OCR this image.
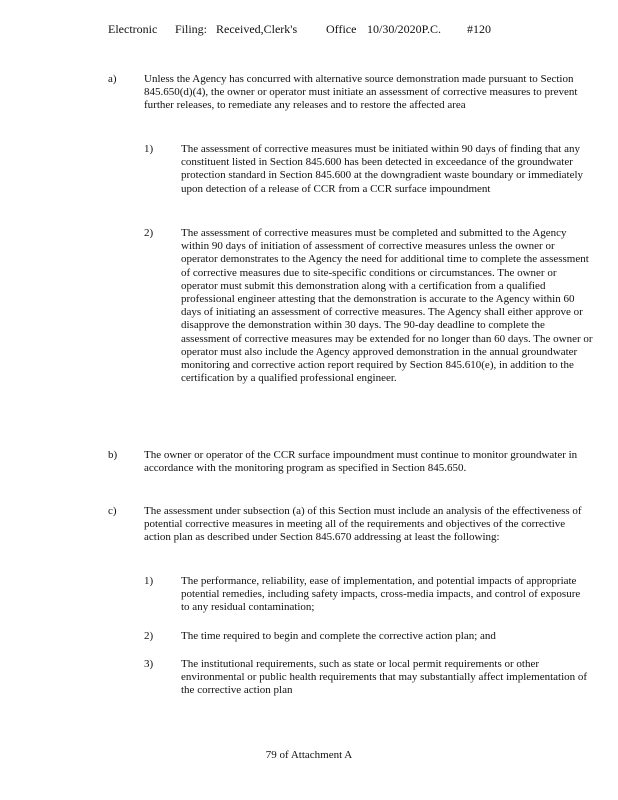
Electronic Filing: Received,Clerk's Office 10/30/2020P.C. #120
a) Unless the Agency has concurred with alternative source demonstration made pursuant to Section 845.650(d)(4), the owner or operator must initiate an assessment of corrective measures to prevent further releases, to remediate any releases and to restore the affected area

1)	The assessment of corrective measures must be initiated within 90 days of finding that any constituent listed in Section 845.600 has been detected in exceedance of the groundwater protection standard in Section 845.600 at the downgradient waste boundary or immediately upon detection of a release of CCR from a CCR surface impoundment

2)	The assessment of corrective measures must be completed and submitted to the Agency within 90 days of initiation of assessment of corrective measures unless the owner or operator demonstrates to the Agency the need for additional time to complete the assessment of corrective measures due to site-specific conditions or circumstances. The owner or operator must submit this demonstration along with a certification from a qualified professional engineer attesting that the demonstration is accurate to the Agency within 60 days of initiating an assessment of corrective measures. The Agency shall either approve or disapprove the demonstration within 30 days. The 90-day deadline to complete the assessment of corrective measures may be extended for no longer than 60 days. The owner or operator must also include the Agency approved demonstration in the annual groundwater monitoring and corrective action report required by Section 845.610(e), in addition to the certification by a qualified professional engineer.

b) The owner or operator of the CCR surface impoundment must continue to monitor groundwater in accordance with the monitoring program as specified in Section 845.650.

c) The assessment under subsection (a) of this Section must include an analysis of the effectiveness of potential corrective measures in meeting all of the requirements and objectives of the corrective action plan as described under Section 845.670 addressing at least the following:

1)	The performance, reliability, ease of implementation, and potential impacts of appropriate potential remedies, including safety impacts, cross-media impacts, and control of exposure to any residual contamination;

2)	The time required to begin and complete the corrective action plan; and

3)	The institutional requirements, such as state or local permit requirements or other environmental or public health requirements that may substantially affect implementation of the corrective action plan

79 of Attachment A
